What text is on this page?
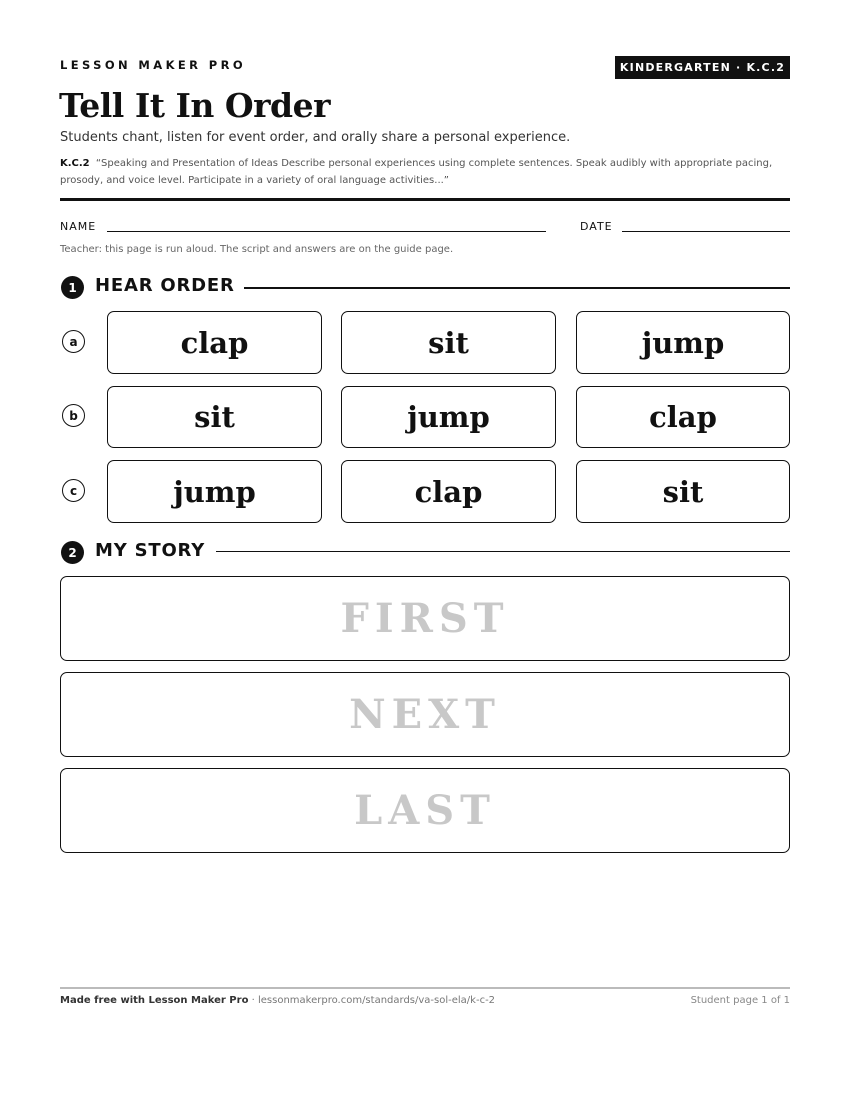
LESSON MAKER PRO	KINDERGARTEN · K.C.2
Tell It In Order
Students chant, listen for event order, and orally share a personal experience.
K.C.2 “Speaking and Presentation of Ideas Describe personal experiences using complete sentences. Speak audibly with appropriate pacing, prosody, and voice level. Participate in a variety of oral language activities...”
NAME	DATE
Teacher: this page is run aloud. The script and answers are on the guide page.
1	HEAR ORDER
a	clap	sit	jump
b	sit	jump	clap
c	jump	clap	sit
2	MY STORY
FIRST
NEXT
LAST
Made free with Lesson Maker Pro · lessonmakerpro.com/standards/va-sol-ela/k-c-2	Student page 1 of 1
